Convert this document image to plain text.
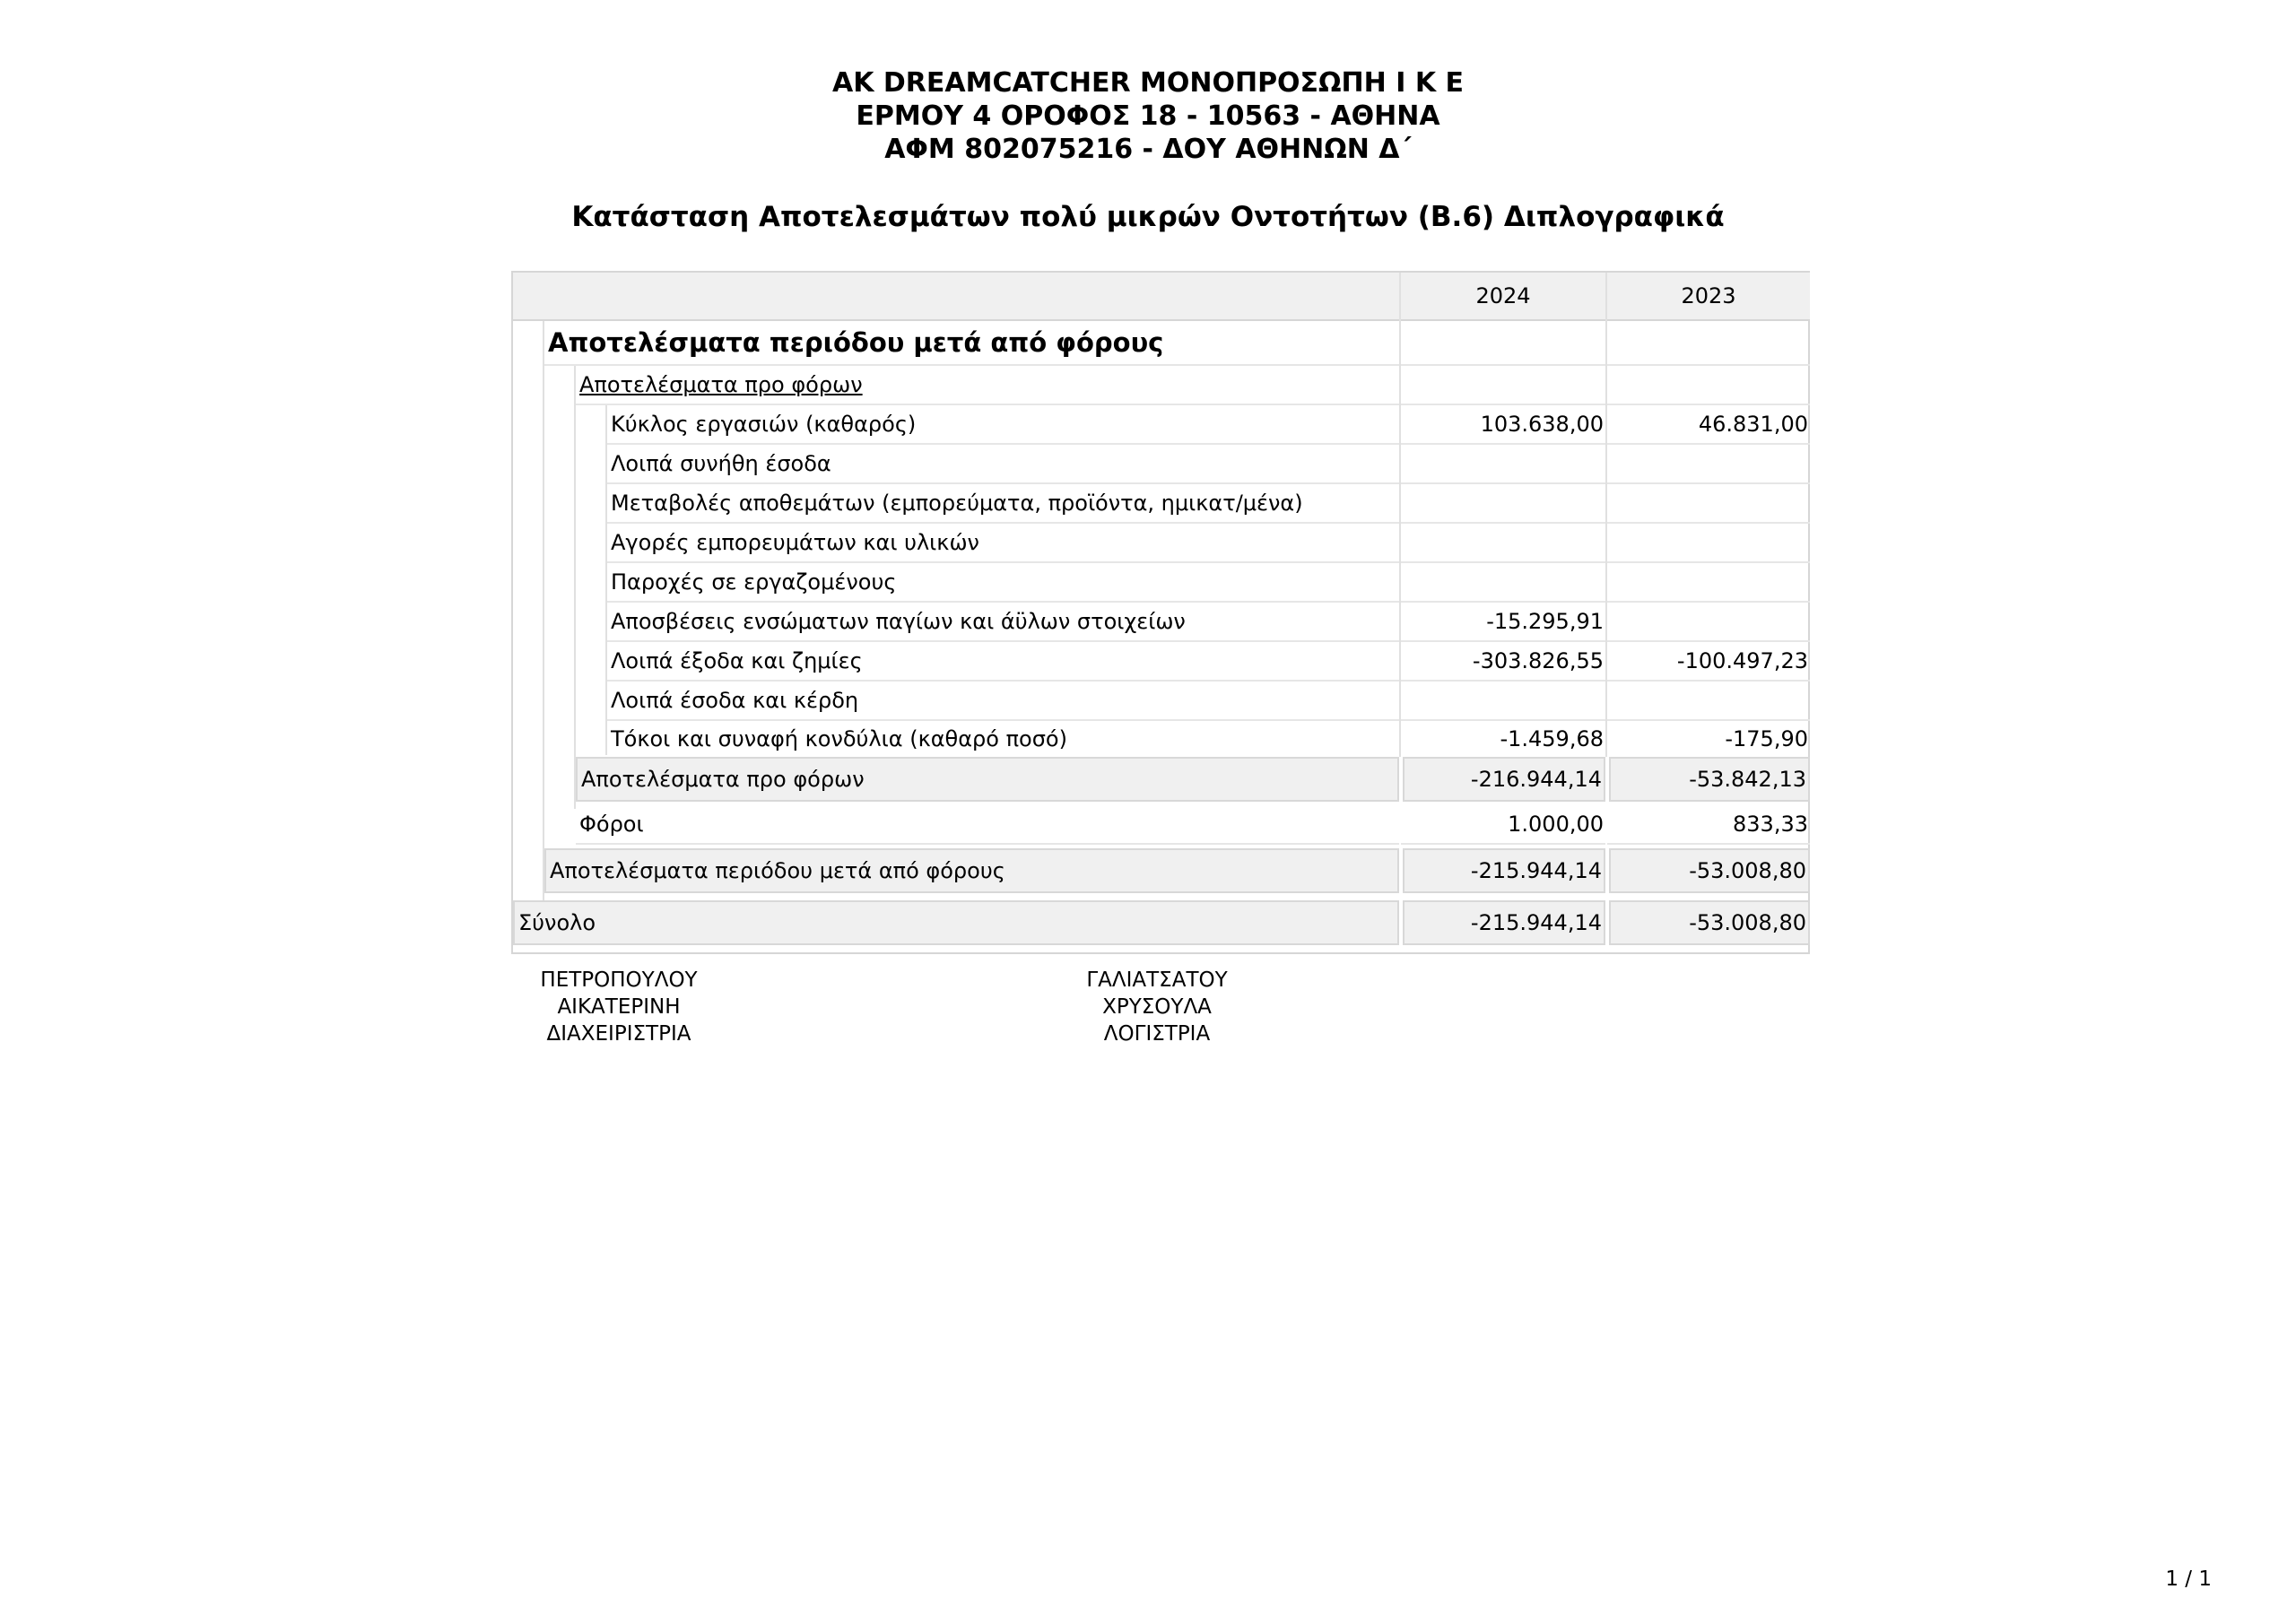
AK DREAMCATCHER ΜΟΝΟΠΡΟΣΩΠΗ Ι Κ Ε
ΕΡΜΟΥ 4 ΟΡΟΦΟΣ 18 - 10563 - ΑΘΗΝΑ
ΑΦΜ 802075216 - ΔΟΥ ΑΘΗΝΩΝ Δ΄
Κατάσταση Αποτελεσμάτων πολύ μικρών Οντοτήτων (Β.6) Διπλογραφικά
2024	2023
Αποτελέσματα περιόδου μετά από φόρους
Αποτελέσματα προ φόρων
Κύκλος εργασιών (καθαρός)	103.638,00	46.831,00
Λοιπά συνήθη έσοδα
Μεταβολές αποθεμάτων (εμπορεύματα, προϊόντα, ημικατ/μένα)
Αγορές εμπορευμάτων και υλικών
Παροχές σε εργαζομένους
Αποσβέσεις ενσώματων παγίων και άϋλων στοιχείων	-15.295,91
Λοιπά έξοδα και ζημίες	-303.826,55	-100.497,23
Λοιπά έσοδα και κέρδη
Τόκοι και συναφή κονδύλια (καθαρό ποσό)	-1.459,68	-175,90
Αποτελέσματα προ φόρων	-216.944,14	-53.842,13
Φόροι	1.000,00	833,33
Αποτελέσματα περιόδου μετά από φόρους	-215.944,14	-53.008,80
Σύνολο	-215.944,14	-53.008,80
ΠΕΤΡΟΠΟΥΛΟΥ
ΑΙΚΑΤΕΡΙΝΗ
ΔΙΑΧΕΙΡΙΣΤΡΙΑ
ΓΑΛΙΑΤΣΑΤΟΥ
ΧΡΥΣΟΥΛΑ
ΛΟΓΙΣΤΡΙΑ
1 / 1
